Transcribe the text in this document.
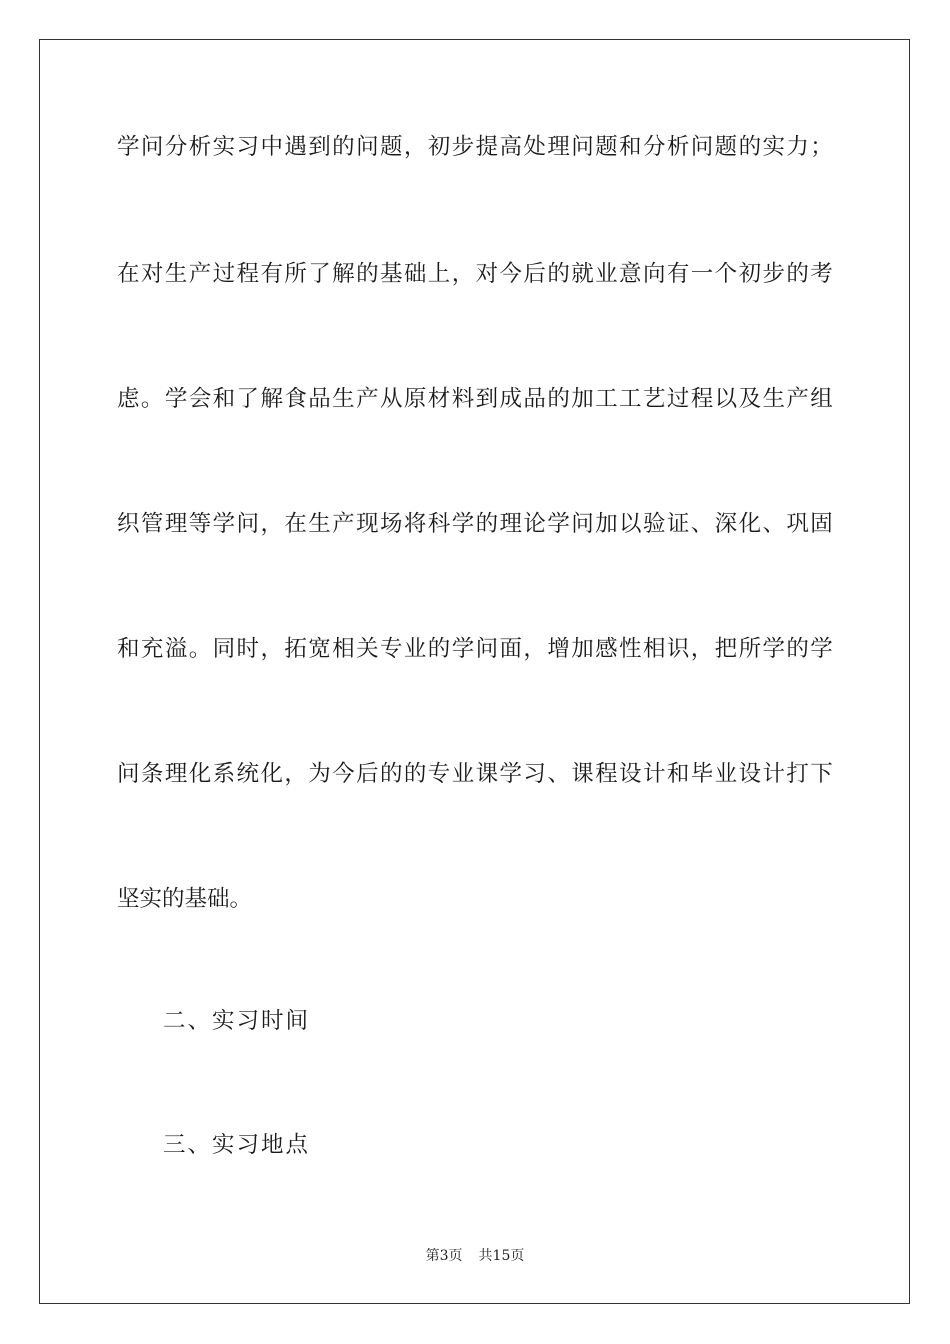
学 问 分 析 实 习 中 遇 到 的 问 题 ， 初 步 提 高 处 理 问 题 和 分 析 问 题 的 实 力 ；
在 对 生 产 过 程 有 所 了 解 的 基 础 上 ， 对 今 后 的 就 业 意 向 有 一 个 初 步 的 考
虑 。 学 会 和 了 解 食 品 生 产 从 原 材 料 到 成 品 的 加 工 工 艺 过 程 以 及 生 产 组
织 管 理 等 学 问 ， 在 生 产 现 场 将 科 学 的 理 论 学 问 加 以 验 证 、 深 化 、 巩 固
和 充 溢 。 同 时 ， 拓 宽 相 关 专 业 的 学 问 面 ， 增 加 感 性 相 识 ， 把 所 学 的 学
问 条 理 化 系 统 化 ， 为 今 后 的 的 专 业 课 学 习 、 课 程 设 计 和 毕 业 设 计 打 下
坚实的基础。
二、实习时间
三、实习地点
第3页 共15页
